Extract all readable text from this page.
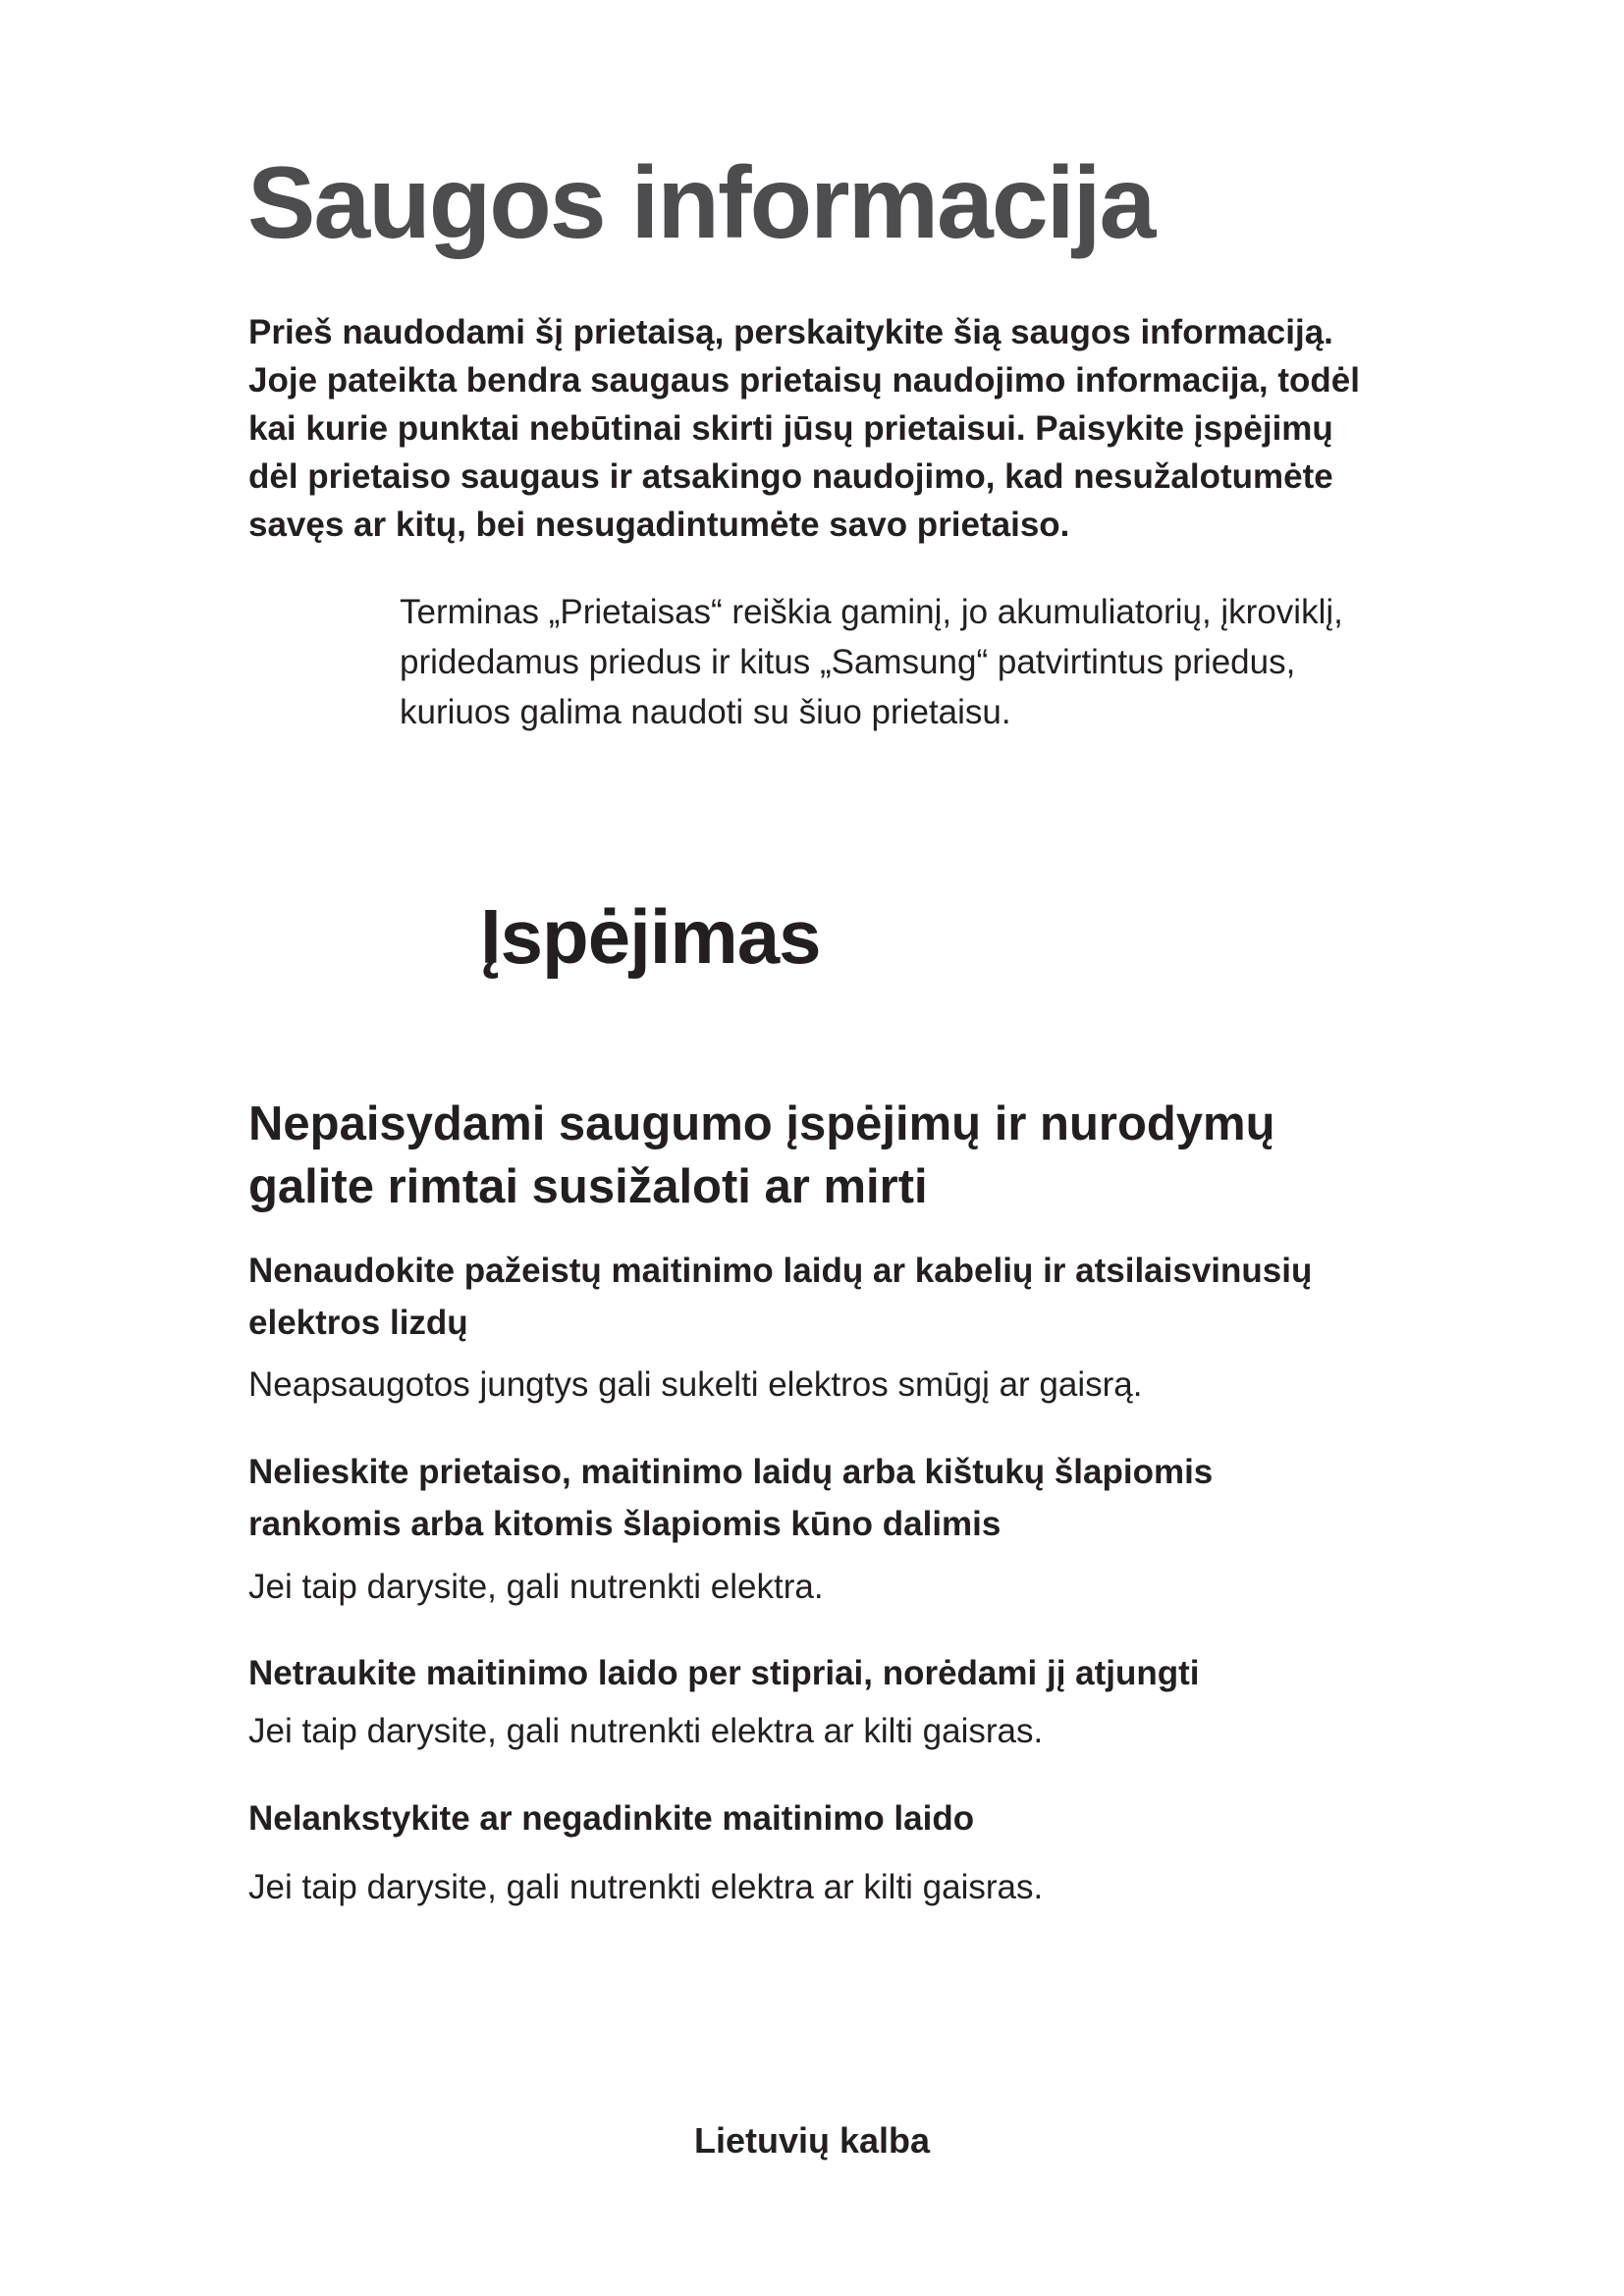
Saugos informacija

Prieš naudodami šį prietaisą, perskaitykite šią saugos informaciją.

Joje pateikta bendra saugaus prietaisų naudojimo informacija, todėl

kai kurie punktai nebūtinai skirti jūsų prietaisui. Paisykite įspėjimų

dėl prietaiso saugaus ir atsakingo naudojimo, kad nesužalotumėte

savęs ar kitų, bei nesugadintumėte savo prietaiso.

Terminas „Prietaisas“ reiškia gaminį, jo akumuliatorių, įkroviklį,

pridedamus priedus ir kitus „Samsung“ patvirtintus priedus,

kuriuos galima naudoti su šiuo prietaisu.

Įspėjimas

Nepaisydami saugumo įspėjimų ir nurodymų

galite rimtai susižaloti ar mirti

Nenaudokite pažeistų maitinimo laidų ar kabelių ir atsilaisvinusių

elektros lizdų

Neapsaugotos jungtys gali sukelti elektros smūgį ar gaisrą.

Nelieskite prietaiso, maitinimo laidų arba kištukų šlapiomis

rankomis arba kitomis šlapiomis kūno dalimis

Jei taip darysite, gali nutrenkti elektra.

Netraukite maitinimo laido per stipriai, norėdami jį atjungti

Jei taip darysite, gali nutrenkti elektra ar kilti gaisras.

Nelankstykite ar negadinkite maitinimo laido

Jei taip darysite, gali nutrenkti elektra ar kilti gaisras.

Lietuvių kalba
